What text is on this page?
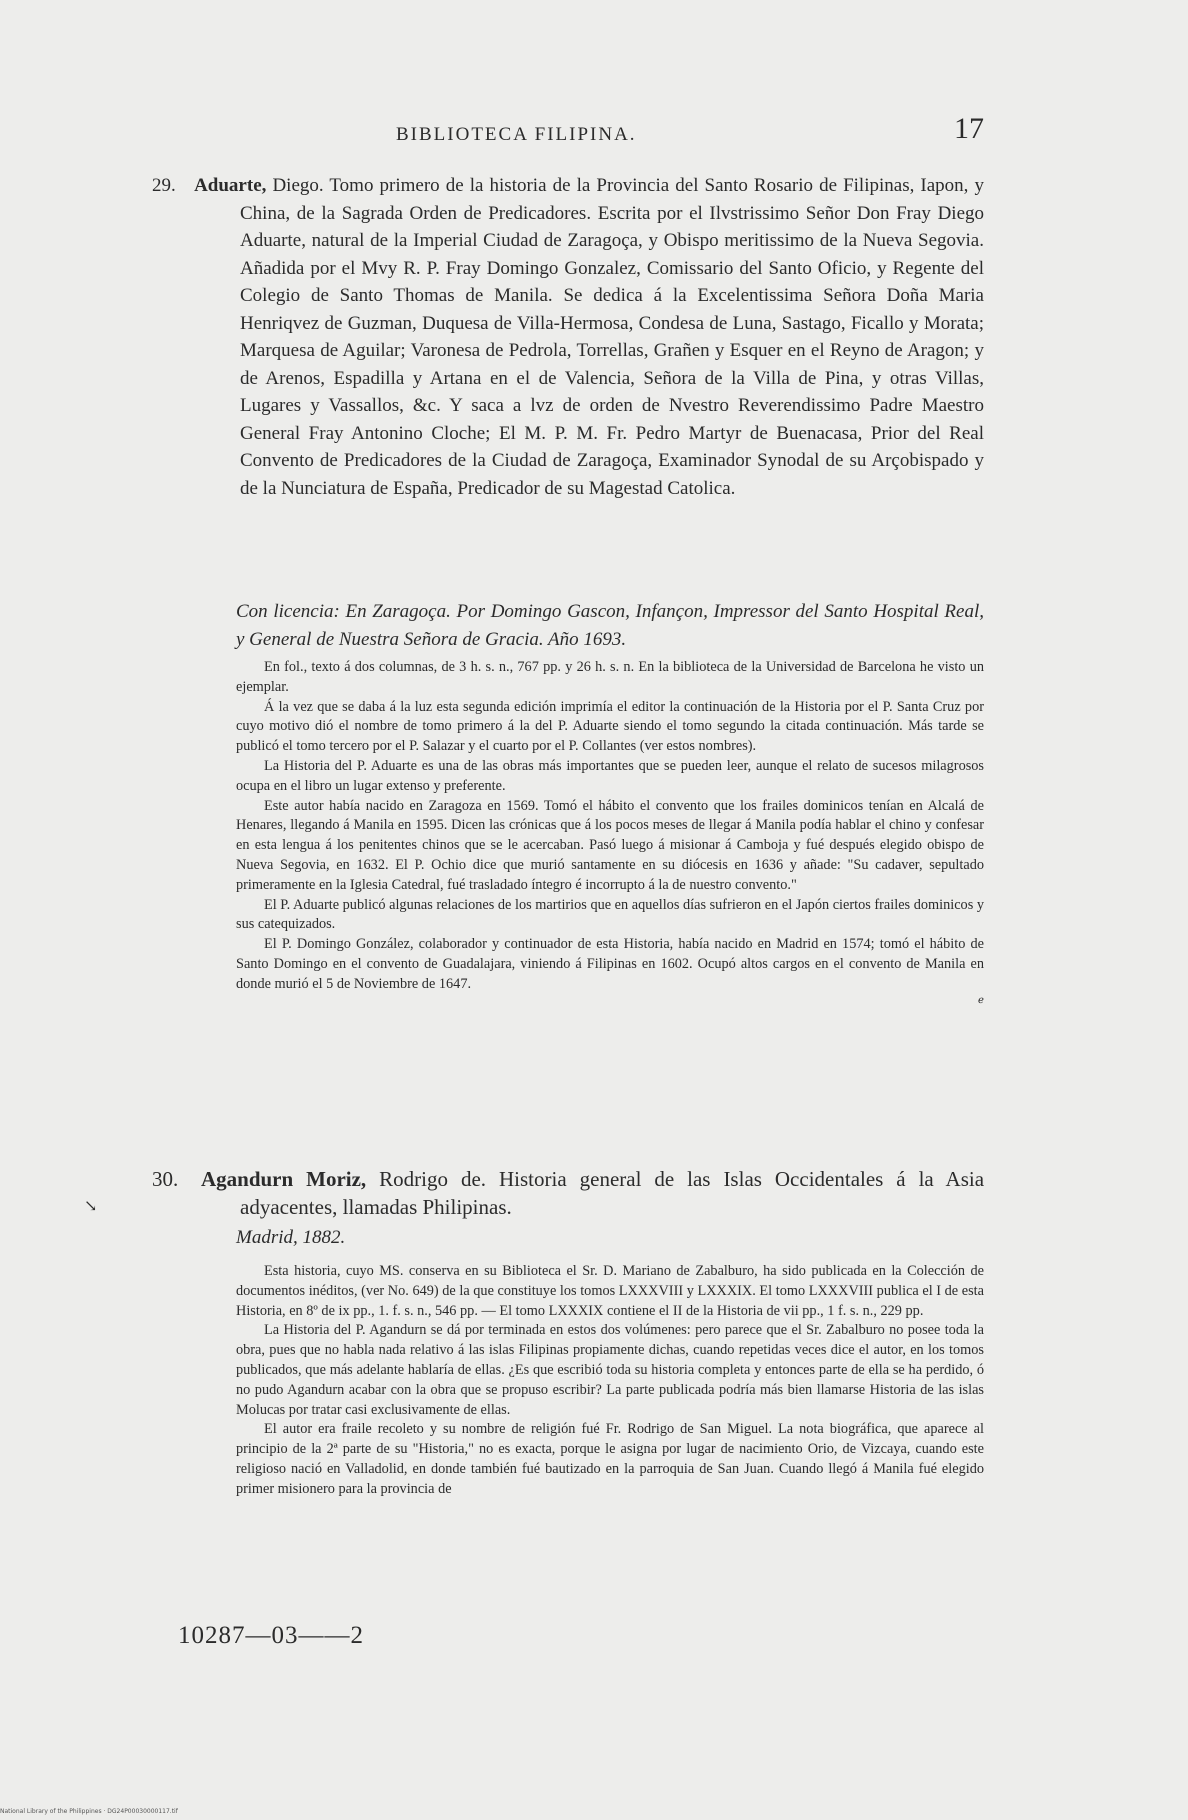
BIBLIOTECA FILIPINA.	17
29. Aduarte, Diego. Tomo primero de la historia de la Provincia del Santo Rosario de Filipinas, Iapon, y China, de la Sagrada Orden de Predicadores. Escrita por el Ilvstrissimo Señor Don Fray Diego Aduarte, natural de la Imperial Ciudad de Zaragoça, y Obispo meritissimo de la Nueva Segovia. Añadida por el Mvy R. P. Fray Domingo Gonzalez, Comissario del Santo Oficio, y Regente del Colegio de Santo Thomas de Manila. Se dedica á la Excelentissima Señora Doña Maria Henriqvez de Guzman, Duquesa de Villa-Hermosa, Condesa de Luna, Sastago, Ficallo y Morata; Marquesa de Aguilar; Varonesa de Pedrola, Torrellas, Grañen y Esquer en el Reyno de Aragon; y de Arenos, Espadilla y Artana en el de Valencia, Señora de la Villa de Pina, y otras Villas, Lugares y Vassallos, &c. Y saca a lvz de orden de Nvestro Reverendissimo Padre Maestro General Fray Antonino Cloche; El M. P. M. Fr. Pedro Martyr de Buenacasa, Prior del Real Convento de Predicadores de la Ciudad de Zaragoça, Examinador Synodal de su Arçobispado y de la Nunciatura de España, Predicador de su Magestad Catolica.
Con licencia: En Zaragoça. Por Domingo Gascon, Infançon, Impressor del Santo Hospital Real, y General de Nuestra Señora de Gracia. Año 1693.

En fol., texto á dos columnas, de 3 h. s. n., 767 pp. y 26 h. s. n. En la biblioteca de la Universidad de Barcelona he visto un ejemplar.

Á la vez que se daba á la luz esta segunda edición imprimía el editor la continuación de la Historia por el P. Santa Cruz por cuyo motivo dió el nombre de tomo primero á la del P. Aduarte siendo el tomo segundo la citada continuación. Más tarde se publicó el tomo tercero por el P. Salazar y el cuarto por el P. Collantes (ver estos nombres).

La Historia del P. Aduarte es una de las obras más importantes que se pueden leer, aunque el relato de sucesos milagrosos ocupa en el libro un lugar extenso y preferente.

Este autor había nacido en Zaragoza en 1569. Tomó el hábito el convento que los frailes dominicos tenían en Alcalá de Henares, llegando á Manila en 1595. Dicen las crónicas que á los pocos meses de llegar á Manila podía hablar el chino y confesar en esta lengua á los penitentes chinos que se le acercaban. Pasó luego á misionar á Camboja y fué después elegido obispo de Nueva Segovia, en 1632. El P. Ochio dice que murió santamente en su diócesis en 1636 y añade: "Su cadaver, sepultado primeramente en la Iglesia Catedral, fué trasladado íntegro é incorrupto á la de nuestro convento."

El P. Aduarte publicó algunas relaciones de los martirios que en aquellos días sufrieron en el Japón ciertos frailes dominicos y sus catequizados.

El P. Domingo González, colaborador y continuador de esta Historia, había nacido en Madrid en 1574; tomó el hábito de Santo Domingo en el convento de Guadalajara, viniendo á Filipinas en 1602. Ocupó altos cargos en el convento de Manila en donde murió el 5 de Noviembre de 1647.

ℯ
30. Agandurn Moriz, Rodrigo de. Historia general de las Islas Occidentales á la Asia adyacentes, llamadas Philipinas.
↘
Madrid, 1882.

Esta historia, cuyo MS. conserva en su Biblioteca el Sr. D. Mariano de Zabalburo, ha sido publicada en la Colección de documentos inéditos, (ver No. 649) de la que constituye los tomos LXXXVIII y LXXXIX. El tomo LXXXVIII publica el I de esta Historia, en 8º de ix pp., 1. f. s. n., 546 pp. — El tomo LXXXIX contiene el II de la Historia de vii pp., 1 f. s. n., 229 pp.

La Historia del P. Agandurn se dá por terminada en estos dos volúmenes: pero parece que el Sr. Zabalburo no posee toda la obra, pues que no habla nada relativo á las islas Filipinas propiamente dichas, cuando repetidas veces dice el autor, en los tomos publicados, que más adelante hablaría de ellas. ¿Es que escribió toda su historia completa y entonces parte de ella se ha perdido, ó no pudo Agandurn acabar con la obra que se propuso escribir? La parte publicada podría más bien llamarse Historia de las islas Molucas por tratar casi exclusivamente de ellas.

El autor era fraile recoleto y su nombre de religión fué Fr. Rodrigo de San Miguel. La nota biográfica, que aparece al principio de la 2ª parte de su "Historia," no es exacta, porque le asigna por lugar de nacimiento Orio, de Vizcaya, cuando este religioso nació en Valladolid, en donde también fué bautizado en la parroquia de San Juan. Cuando llegó á Manila fué elegido primer misionero para la provincia de

10287—03——2
National Library of the Philippines · DG24P00030000117.tif
